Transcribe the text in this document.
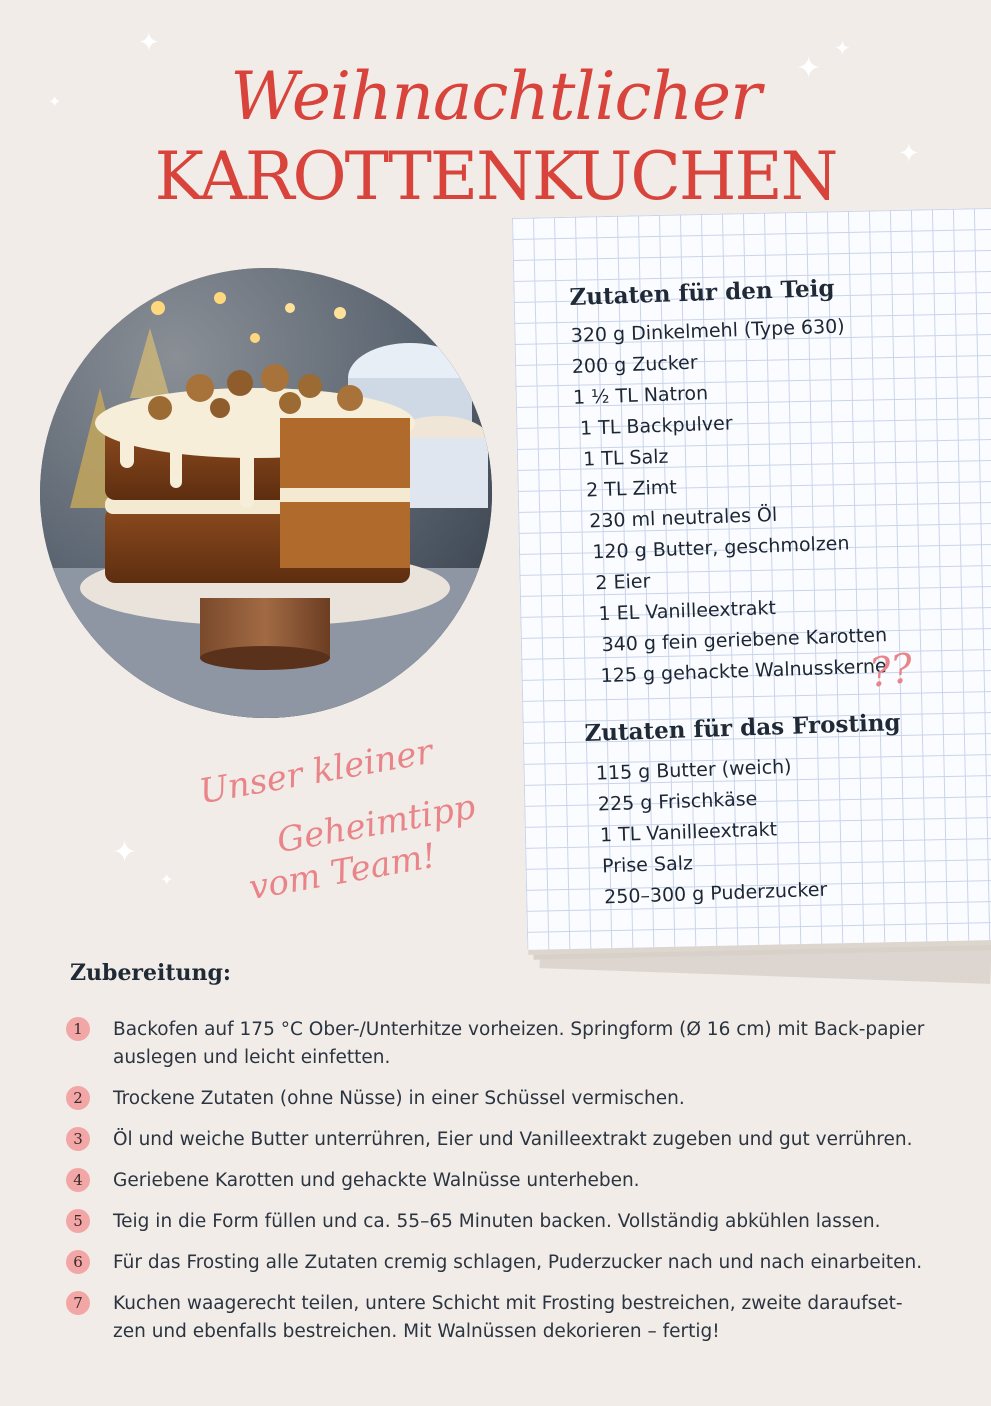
✦
✦
✦
✦
✦
✦
✦
Weihnachtlicher
KAROTTENKUCHEN
Unser kleiner
Geheimtipp
vom Team!
Zutaten für den Teig
320 g Dinkelmehl (Type 630)
200 g Zucker
1 ½ TL Natron
1 TL Backpulver
1 TL Salz
2 TL Zimt
230 ml neutrales Öl
120 g Butter, geschmolzen
2 Eier
1 EL Vanilleextrakt
340 g fein geriebene Karotten
125 g gehackte Walnusskerne
??
Zutaten für das Frosting
115 g Butter (weich)
225 g Frischkäse
1 TL Vanilleextrakt
Prise Salz
250–300 g Puderzucker
Zubereitung:
1	Backofen auf 175 °C Ober-/Unterhitze vorheizen. Springform (Ø 16 cm) mit Back-papier auslegen und leicht einfetten.
2	Trockene Zutaten (ohne Nüsse) in einer Schüssel vermischen.
3	Öl und weiche Butter unterrühren, Eier und Vanilleextrakt zugeben und gut verrühren.
4	Geriebene Karotten und gehackte Walnüsse unterheben.
5	Teig in die Form füllen und ca. 55–65 Minuten backen. Vollständig abkühlen lassen.
6	Für das Frosting alle Zutaten cremig schlagen, Puderzucker nach und nach einarbeiten.
7	Kuchen waagerecht teilen, untere Schicht mit Frosting bestreichen, zweite daraufset-zen und ebenfalls bestreichen. Mit Walnüssen dekorieren – fertig!
